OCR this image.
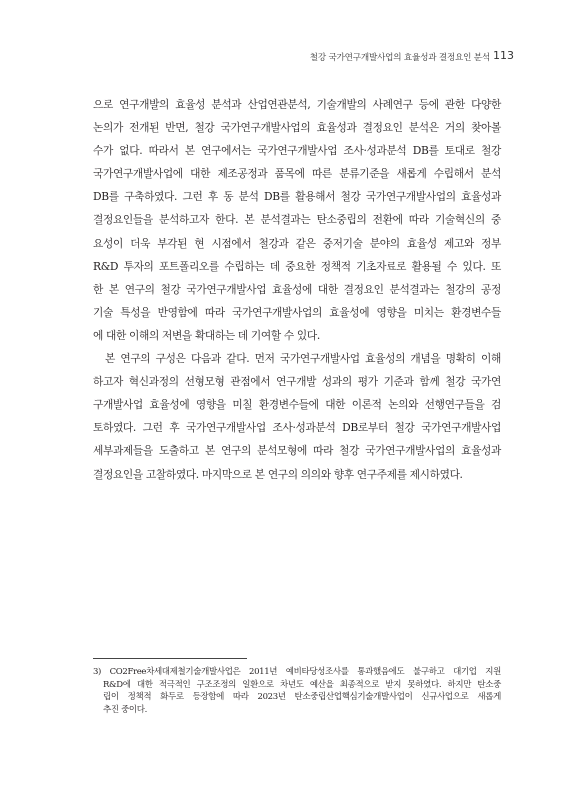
철강 국가연구개발사업의 효율성과 결정요인 분석 113
으로 연구개발의 효율성 분석과 산업연관분석, 기술개발의 사례연구 등에 관한 다양한
논의가 전개된 반면, 철강 국가연구개발사업의 효율성과 결정요인 분석은 거의 찾아볼
수가 없다. 따라서 본 연구에서는 국가연구개발사업 조사·성과분석 DB를 토대로 철강
국가연구개발사업에 대한 제조공정과 품목에 따른 분류기준을 새롭게 수립해서 분석
DB를 구축하였다. 그런 후 동 분석 DB를 활용해서 철강 국가연구개발사업의 효율성과
결정요인들을 분석하고자 한다. 본 분석결과는 탄소중립의 전환에 따라 기술혁신의 중
요성이 더욱 부각된 현 시점에서 철강과 같은 중저기술 분야의 효율성 제고와 정부
R&D 투자의 포트폴리오를 수립하는 데 중요한 정책적 기초자료로 활용될 수 있다. 또
한 본 연구의 철강 국가연구개발사업 효율성에 대한 결정요인 분석결과는 철강의 공정
기술 특성을 반영함에 따라 국가연구개발사업의 효율성에 영향을 미치는 환경변수들
에 대한 이해의 저변을 확대하는 데 기여할 수 있다.
본 연구의 구성은 다음과 같다. 먼저 국가연구개발사업 효율성의 개념을 명확히 이해
하고자 혁신과정의 선형모형 관점에서 연구개발 성과의 평가 기준과 함께 철강 국가연
구개발사업 효율성에 영향을 미칠 환경변수들에 대한 이론적 논의와 선행연구들을 검
토하였다. 그런 후 국가연구개발사업 조사·성과분석 DB로부터 철강 국가연구개발사업
세부과제들을 도출하고 본 연구의 분석모형에 따라 철강 국가연구개발사업의 효율성과
결정요인을 고찰하였다. 마지막으로 본 연구의 의의와 향후 연구주제를 제시하였다.
3) CO2Free차세대제철기술개발사업은 2011년 예비타당성조사를 통과했음에도 불구하고 대기업 지원
R&D에 대한 적극적인 구조조정의 일환으로 차년도 예산을 최종적으로 받지 못하였다. 하지만 탄소중
립이 정책적 화두로 등장함에 따라 2023년 탄소중립산업핵심기술개발사업이 신규사업으로 새롭게
추진 중이다.
